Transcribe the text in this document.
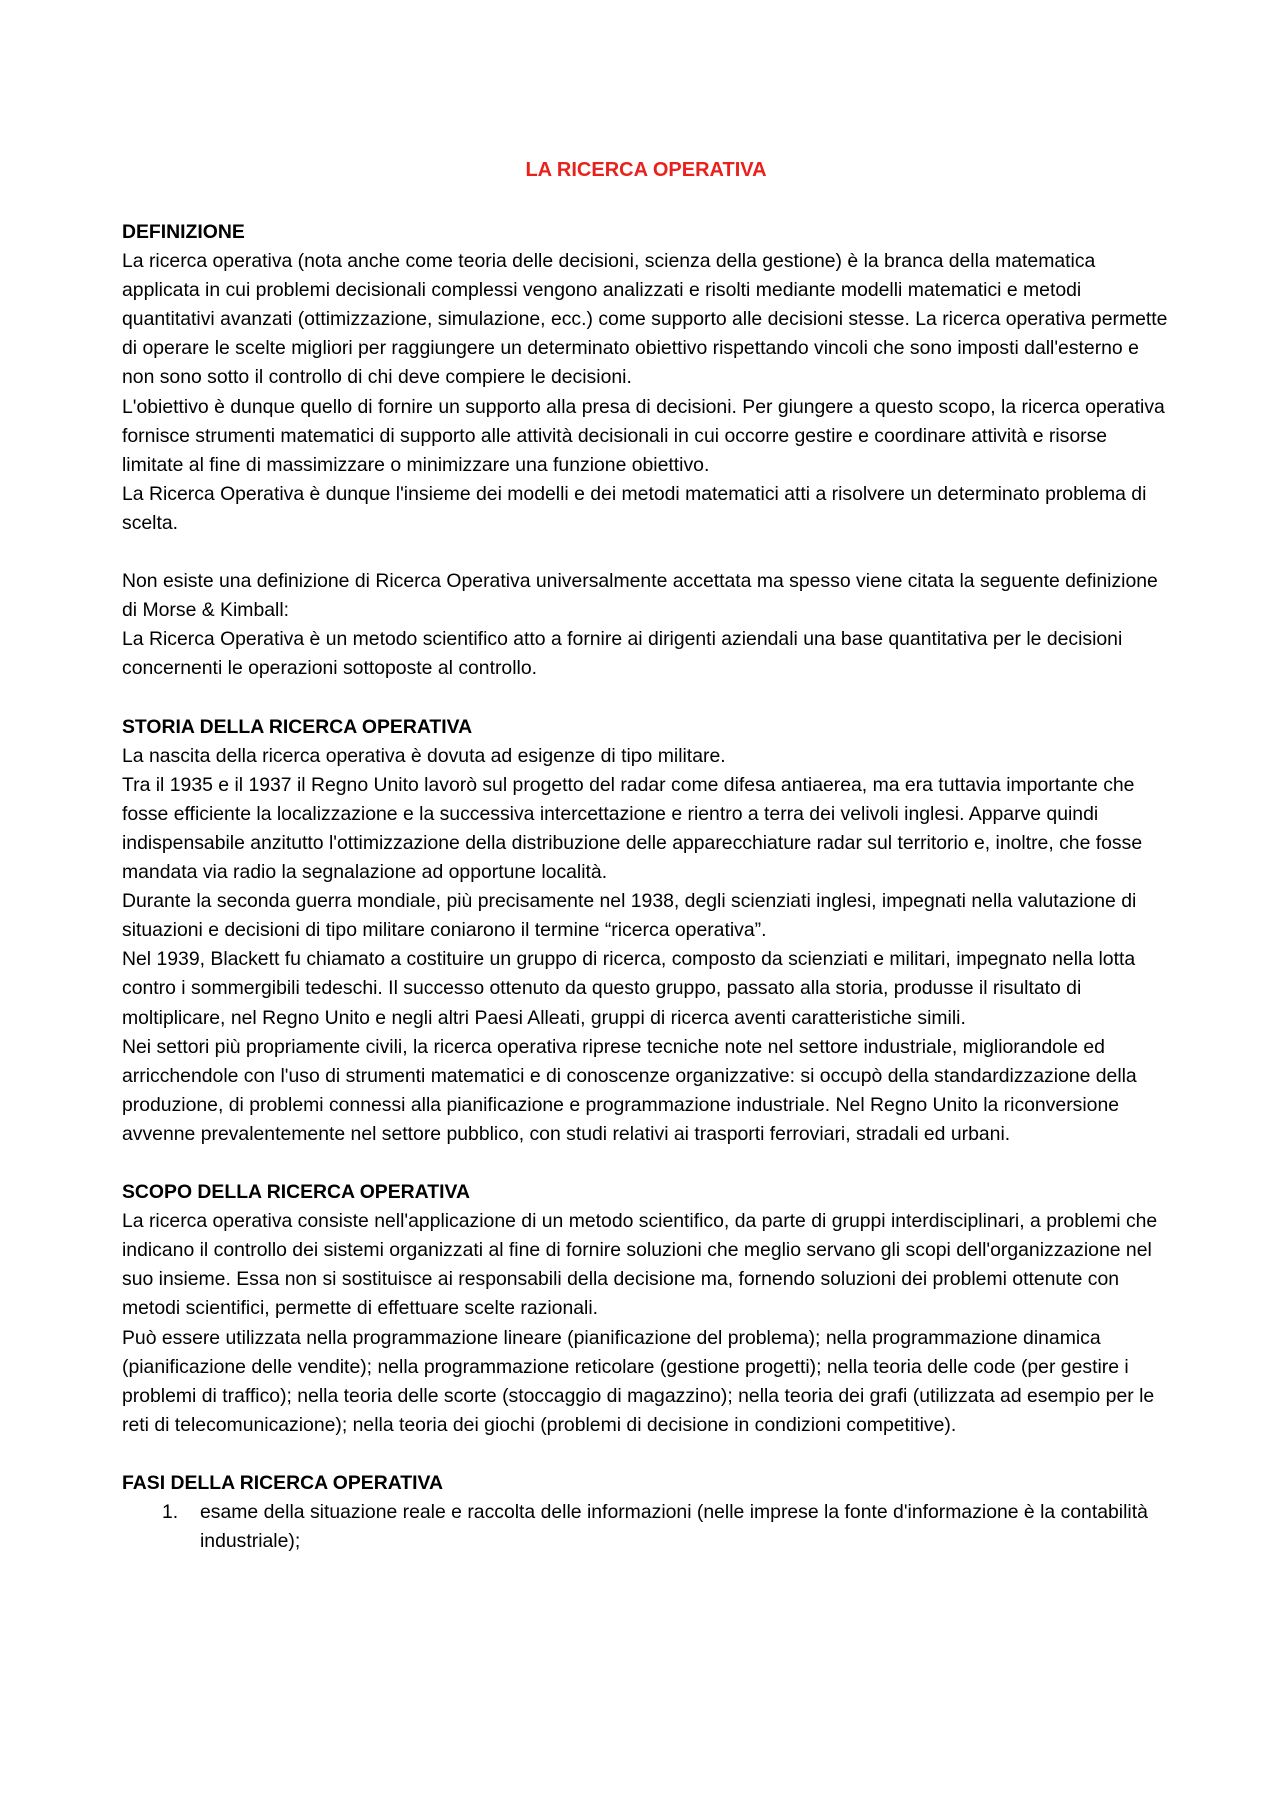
LA RICERCA OPERATIVA
DEFINIZIONE

La ricerca operativa (nota anche come teoria delle decisioni, scienza della gestione) è la branca della matematica applicata in cui problemi decisionali complessi vengono analizzati e risolti mediante modelli matematici e metodi quantitativi avanzati (ottimizzazione, simulazione, ecc.) come supporto alle decisioni stesse. La ricerca operativa permette di operare le scelte migliori per raggiungere un determinato obiettivo rispettando vincoli che sono imposti dall'esterno e non sono sotto il controllo di chi deve compiere le decisioni.

L'obiettivo è dunque quello di fornire un supporto alla presa di decisioni. Per giungere a questo scopo, la ricerca operativa fornisce strumenti matematici di supporto alle attività decisionali in cui occorre gestire e coordinare attività e risorse limitate al fine di massimizzare o minimizzare una funzione obiettivo.

La Ricerca Operativa è dunque l'insieme dei modelli e dei metodi matematici atti a risolvere un determinato problema di scelta.

Non esiste una definizione di Ricerca Operativa universalmente accettata ma spesso viene citata la seguente definizione di Morse & Kimball:

La Ricerca Operativa è un metodo scientifico atto a fornire ai dirigenti aziendali una base quantitativa per le decisioni concernenti le operazioni sottoposte al controllo.

STORIA DELLA RICERCA OPERATIVA

La nascita della ricerca operativa è dovuta ad esigenze di tipo militare.

Tra il 1935 e il 1937 il Regno Unito lavorò sul progetto del radar come difesa antiaerea, ma era tuttavia importante che fosse efficiente la localizzazione e la successiva intercettazione e rientro a terra dei velivoli inglesi. Apparve quindi indispensabile anzitutto l'ottimizzazione della distribuzione delle apparecchiature radar sul territorio e, inoltre, che fosse mandata via radio la segnalazione ad opportune località.

Durante la seconda guerra mondiale, più precisamente nel 1938, degli scienziati inglesi, impegnati nella valutazione di situazioni e decisioni di tipo militare coniarono il termine “ricerca operativa”.

Nel 1939, Blackett fu chiamato a costituire un gruppo di ricerca, composto da scienziati e militari, impegnato nella lotta contro i sommergibili tedeschi. Il successo ottenuto da questo gruppo, passato alla storia, produsse il risultato di moltiplicare, nel Regno Unito e negli altri Paesi Alleati, gruppi di ricerca aventi caratteristiche simili.

Nei settori più propriamente civili, la ricerca operativa riprese tecniche note nel settore industriale, migliorandole ed arricchendole con l'uso di strumenti matematici e di conoscenze organizzative: si occupò della standardizzazione della produzione, di problemi connessi alla pianificazione e programmazione industriale. Nel Regno Unito la riconversione avvenne prevalentemente nel settore pubblico, con studi relativi ai trasporti ferroviari, stradali ed urbani.

SCOPO DELLA RICERCA OPERATIVA

La ricerca operativa consiste nell'applicazione di un metodo scientifico, da parte di gruppi interdisciplinari, a problemi che indicano il controllo dei sistemi organizzati al fine di fornire soluzioni che meglio servano gli scopi dell'organizzazione nel suo insieme. Essa non si sostituisce ai responsabili della decisione ma, fornendo soluzioni dei problemi ottenute con metodi scientifici, permette di effettuare scelte razionali.

Può essere utilizzata nella programmazione lineare (pianificazione del problema); nella programmazione dinamica (pianificazione delle vendite); nella programmazione reticolare (gestione progetti); nella teoria delle code (per gestire i problemi di traffico); nella teoria delle scorte (stoccaggio di magazzino); nella teoria dei grafi (utilizzata ad esempio per le reti di telecomunicazione); nella teoria dei giochi (problemi di decisione in condizioni competitive).

FASI DELLA RICERCA OPERATIVA
1. esame della situazione reale e raccolta delle informazioni (nelle imprese la fonte d'informazione è la contabilità industriale);
